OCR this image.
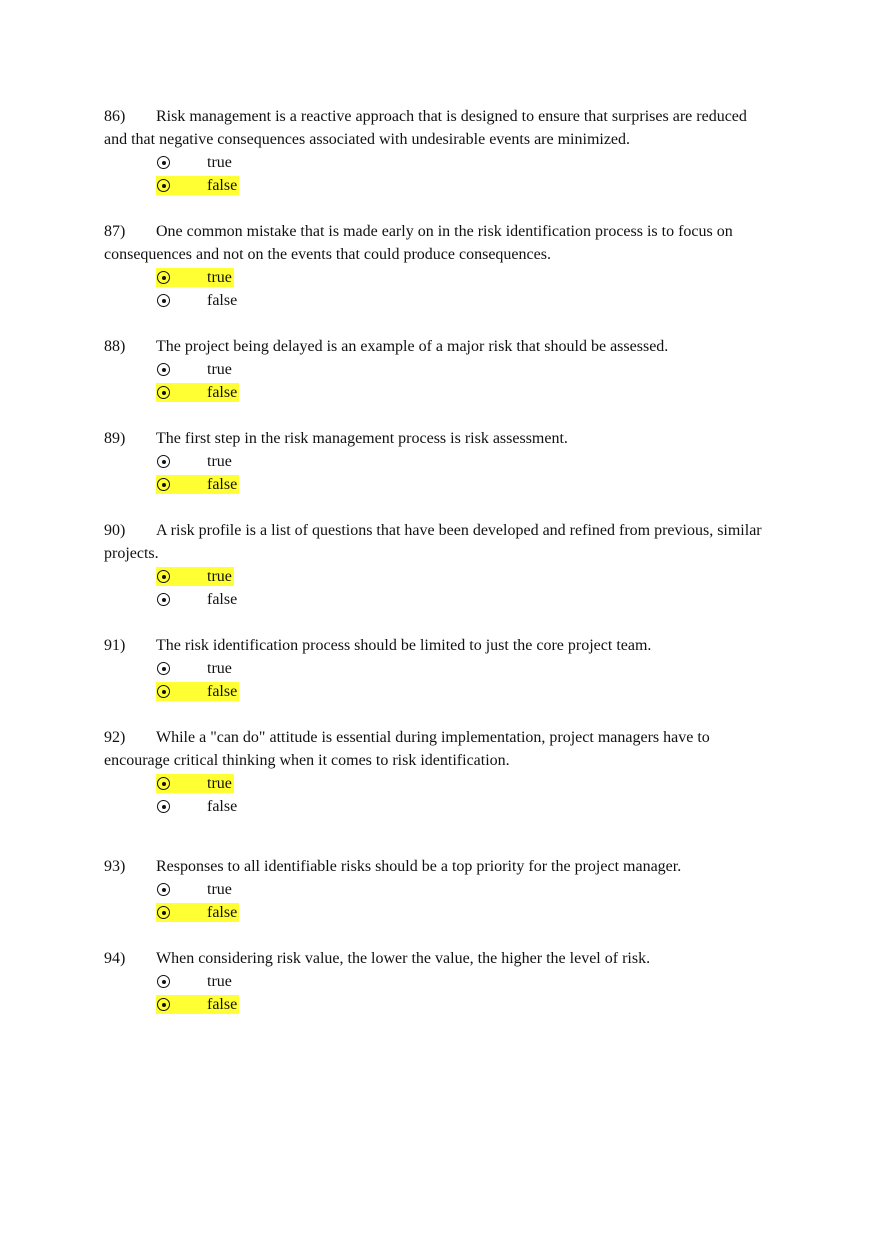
86) Risk management is a reactive approach that is designed to ensure that surprises are reduced and that negative consequences associated with undesirable events are minimized.

true
false

87) One common mistake that is made early on in the risk identification process is to focus on consequences and not on the events that could produce consequences.

true
false

88) The project being delayed is an example of a major risk that should be assessed.

true
false

89) The first step in the risk management process is risk assessment.

true
false

90) A risk profile is a list of questions that have been developed and refined from previous, similar projects.

true
false

91) The risk identification process should be limited to just the core project team.

true
false

92) While a "can do" attitude is essential during implementation, project managers have to encourage critical thinking when it comes to risk identification.

true
false

93) Responses to all identifiable risks should be a top priority for the project manager.

true
false

94) When considering risk value, the lower the value, the higher the level of risk.

true
false
